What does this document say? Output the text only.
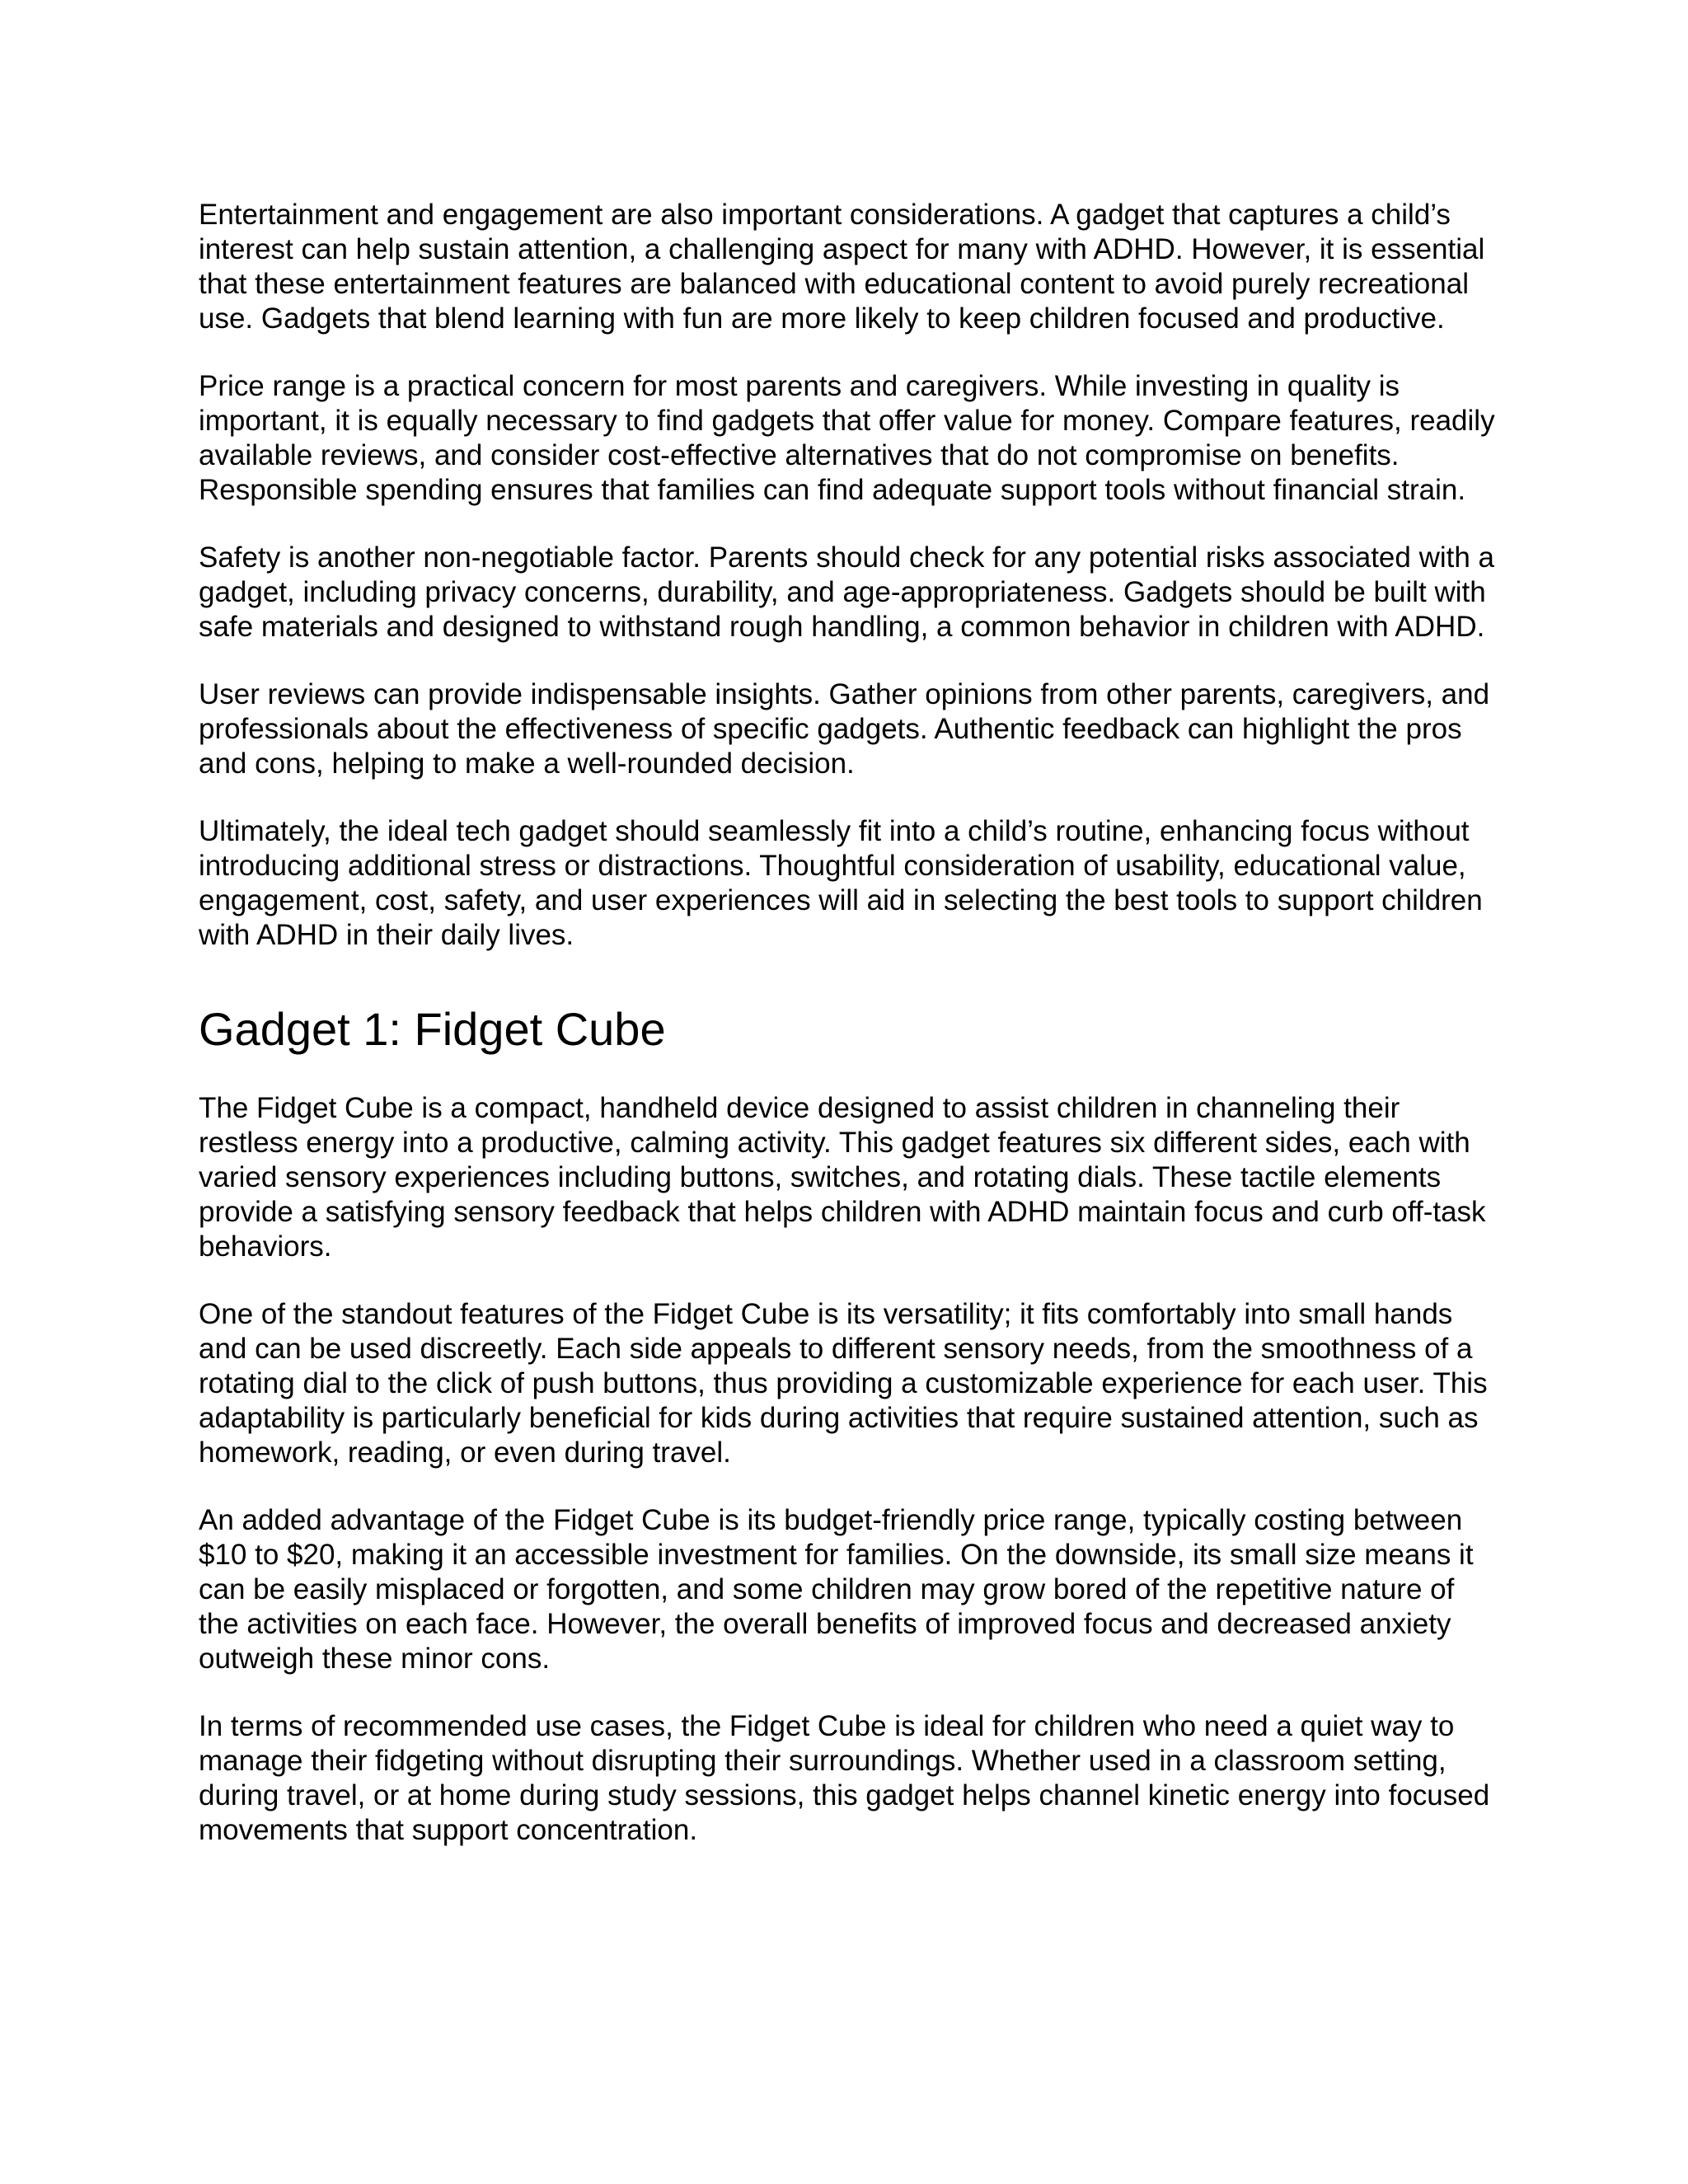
Entertainment and engagement are also important considerations. A gadget that captures a child’s interest can help sustain attention, a challenging aspect for many with ADHD. However, it is essential that these entertainment features are balanced with educational content to avoid purely recreational use. Gadgets that blend learning with fun are more likely to keep children focused and productive.

Price range is a practical concern for most parents and caregivers. While investing in quality is important, it is equally necessary to find gadgets that offer value for money. Compare features, readily available reviews, and consider cost-effective alternatives that do not compromise on benefits. Responsible spending ensures that families can find adequate support tools without financial strain.

Safety is another non-negotiable factor. Parents should check for any potential risks associated with a gadget, including privacy concerns, durability, and age-appropriateness. Gadgets should be built with safe materials and designed to withstand rough handling, a common behavior in children with ADHD.

User reviews can provide indispensable insights. Gather opinions from other parents, caregivers, and professionals about the effectiveness of specific gadgets. Authentic feedback can highlight the pros and cons, helping to make a well-rounded decision.

Ultimately, the ideal tech gadget should seamlessly fit into a child’s routine, enhancing focus without introducing additional stress or distractions. Thoughtful consideration of usability, educational value, engagement, cost, safety, and user experiences will aid in selecting the best tools to support children with ADHD in their daily lives.

Gadget 1: Fidget Cube

The Fidget Cube is a compact, handheld device designed to assist children in channeling their restless energy into a productive, calming activity. This gadget features six different sides, each with varied sensory experiences including buttons, switches, and rotating dials. These tactile elements provide a satisfying sensory feedback that helps children with ADHD maintain focus and curb off-task behaviors.

One of the standout features of the Fidget Cube is its versatility; it fits comfortably into small hands and can be used discreetly. Each side appeals to different sensory needs, from the smoothness of a rotating dial to the click of push buttons, thus providing a customizable experience for each user. This adaptability is particularly beneficial for kids during activities that require sustained attention, such as homework, reading, or even during travel.

An added advantage of the Fidget Cube is its budget-friendly price range, typically costing between $10 to $20, making it an accessible investment for families. On the downside, its small size means it can be easily misplaced or forgotten, and some children may grow bored of the repetitive nature of the activities on each face. However, the overall benefits of improved focus and decreased anxiety outweigh these minor cons.

In terms of recommended use cases, the Fidget Cube is ideal for children who need a quiet way to manage their fidgeting without disrupting their surroundings. Whether used in a classroom setting, during travel, or at home during study sessions, this gadget helps channel kinetic energy into focused movements that support concentration.
